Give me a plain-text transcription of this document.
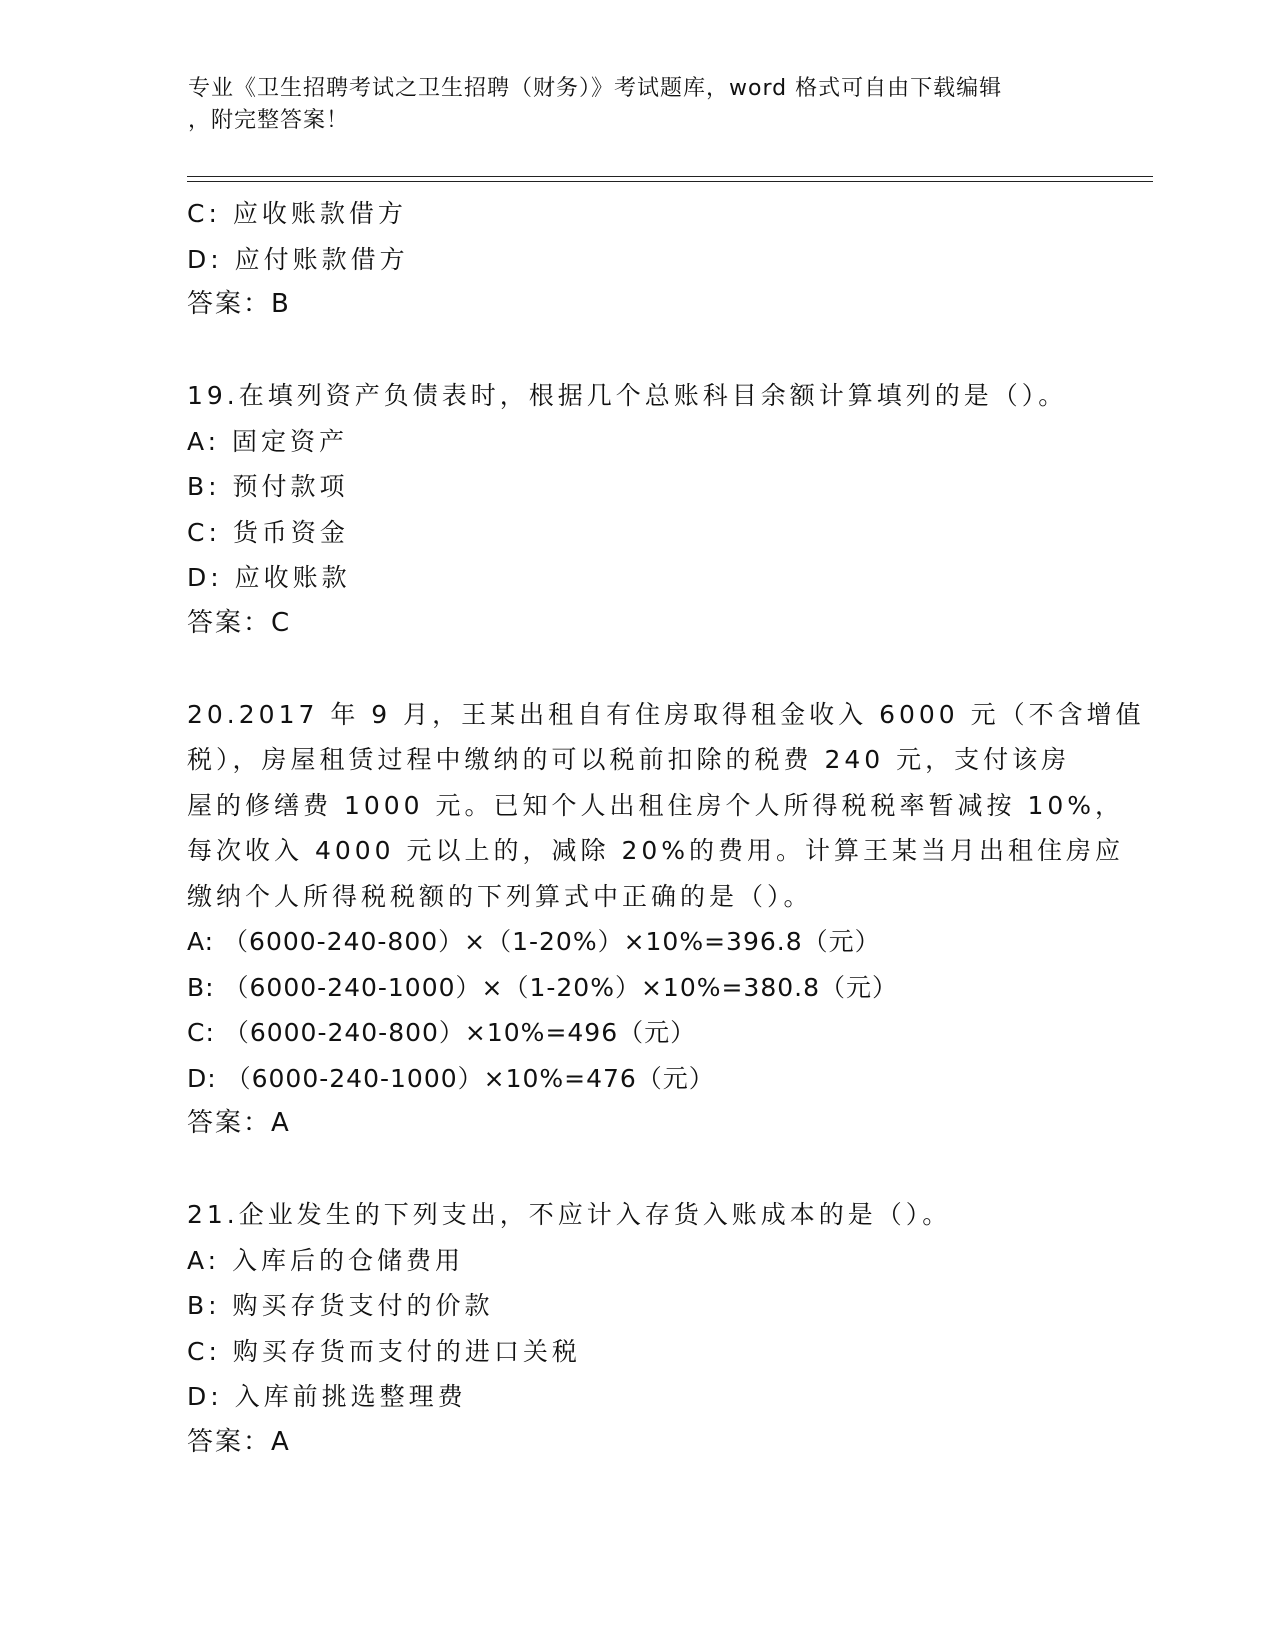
专业《卫生招聘考试之卫生招聘（财务）》考试题库，word 格式可自由下载编辑
，附完整答案！
C: 应收账款借方
D: 应付账款借方
答案：B
19.在填列资产负债表时，根据几个总账科目余额计算填列的是（）。
A: 固定资产
B: 预付款项
C: 货币资金
D: 应收账款
答案：C
20.2017 年 9 月，王某出租自有住房取得租金收入 6000 元（不含增值
税），房屋租赁过程中缴纳的可以税前扣除的税费 240 元，支付该房
屋的修缮费 1000 元。已知个人出租住房个人所得税税率暂减按 10%，
每次收入 4000 元以上的，减除 20%的费用。计算王某当月出租住房应
缴纳个人所得税税额的下列算式中正确的是（）。
A: （6000-240-800）×（1-20%）×10%=396.8（元）
B: （6000-240-1000）×（1-20%）×10%=380.8（元）
C: （6000-240-800）×10%=496（元）
D: （6000-240-1000）×10%=476（元）
答案：A
21.企业发生的下列支出，不应计入存货入账成本的是（）。
A: 入库后的仓储费用
B: 购买存货支付的价款
C: 购买存货而支付的进口关税
D: 入库前挑选整理费
答案：A
